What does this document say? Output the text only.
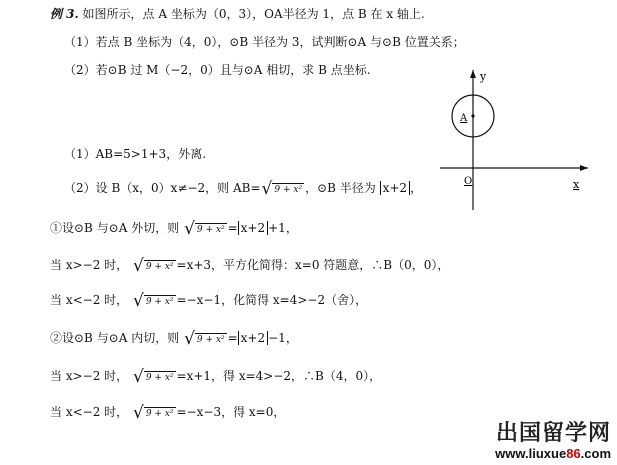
例 3. 如图所示，点 A 坐标为（0，3），OA半径为 1，点 B 在 x 轴上.
（1）若点 B 坐标为（4，0），⊙B 半径为 3，试判断⊙A 与⊙B 位置关系；
（2）若⊙B 过 M（−2，0）且与⊙A 相切，求 B 点坐标.	y
x
O
A
（1）AB=5>1+3，外离.
（2）设 B（x，0）x≠−2，则 AB=√ 9 + x² ，⊙B 半径为 x+2 ，
①设⊙B 与⊙A 外切，则 √ 9 + x² = x+2 +1，
当 x>−2 时， √ 9 + x² =x+3，平方化简得：x=0 符题意，∴B（0，0），
当 x<−2 时， √ 9 + x² =−x−1，化简得 x=4>−2（舍），
②设⊙B 与⊙A 内切，则 √ 9 + x² = x+2 −1，
当 x>−2 时， √ 9 + x² =x+1，得 x=4>−2，∴B（4，0），
当 x<−2 时， √ 9 + x² =−x−3，得 x=0，
出国留学网
www.liuxue86.com
